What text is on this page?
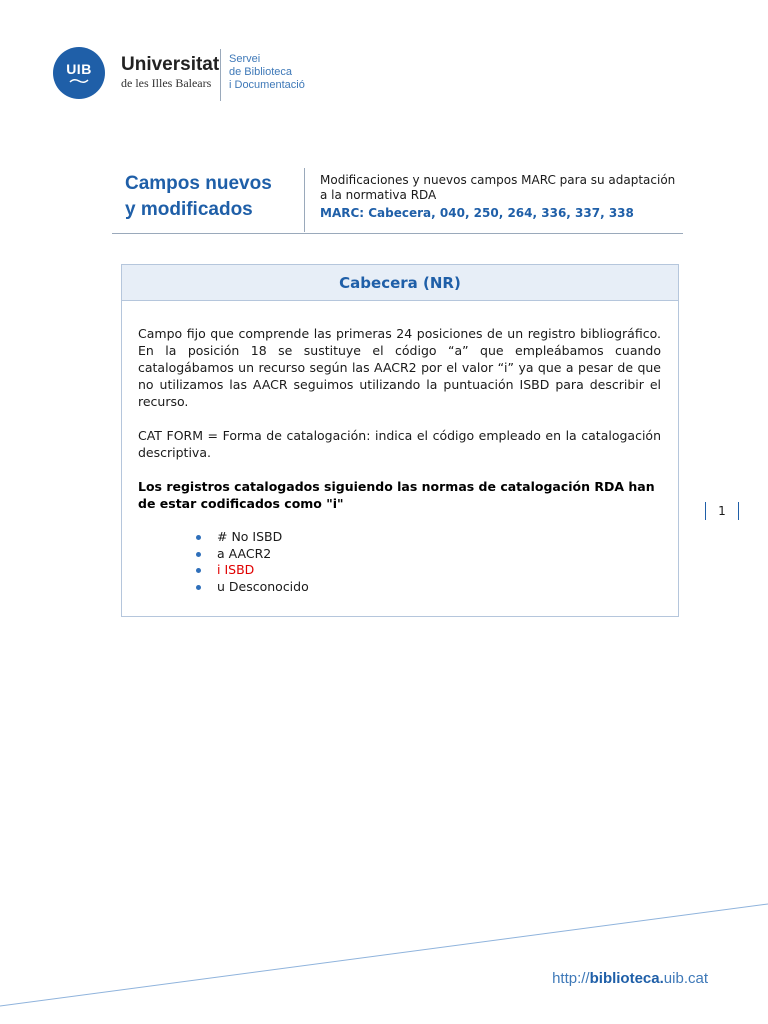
UIB Universitat
de les Illes Balears
Servei
de Biblioteca
i Documentació
Campos nuevos
y modificados
Modificaciones y nuevos campos MARC para su adaptación a la normativa RDA
MARC: Cabecera, 040, 250, 264, 336, 337, 338
Cabecera (NR)

Campo fijo que comprende las primeras 24 posiciones de un registro bibliográfico. En la posición 18 se sustituye el código “a” que empleábamos cuando catalogábamos un recurso según las AACR2 por el valor “i” ya que a pesar de que no utilizamos las AACR seguimos utilizando la puntuación ISBD para describir el recurso.

CAT FORM = Forma de catalogación: indica el código empleado en la catalogación descriptiva.

Los registros catalogados siguiendo las normas de catalogación RDA han de estar codificados como "i"

# No ISBD
a AACR2
i ISBD
u Desconocido
1
http://biblioteca.uib.cat
